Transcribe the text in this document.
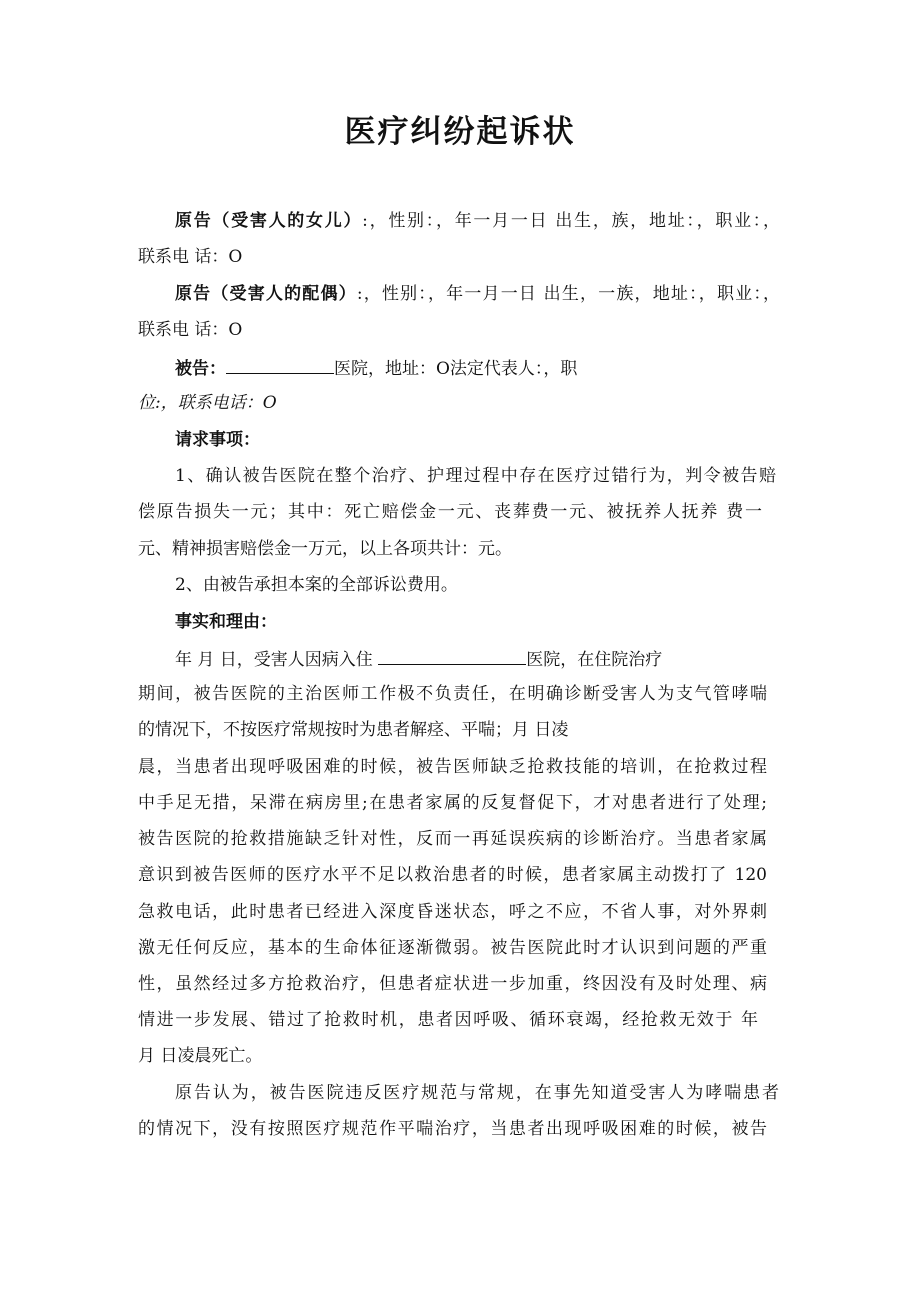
医疗纠纷起诉状

原告（受害人的女儿）:，性别：，年一月一日 出生，族，地址：，职业：，

联系电 话：O

原告（受害人的配偶）:，性别：，年一月一日 出生，一族，地址：，职业：，

联系电 话：O

被告：	医院，地址：O法定代表人：，职

位:，联系电话：O

请求事项：

1、确认被告医院在整个治疗、护理过程中存在医疗过错行为，判令被告赔

偿原告损失一元；其中：死亡赔偿金一元、丧葬费一元、被抚养人抚养 费一

元、精神损害赔偿金一万元，以上各项共计：元。

2、由被告承担本案的全部诉讼费用。

事实和理由：

年 月 日，受害人因病入住	医院，在住院治疗

期间，被告医院的主治医师工作极不负责任，在明确诊断受害人为支气管哮喘

的情况下，不按医疗常规按时为患者解痉、平喘；月 日凌

晨，当患者出现呼吸困难的时候，被告医师缺乏抢救技能的培训，在抢救过程

中手足无措，呆滞在病房里;在患者家属的反复督促下，才对患者进行了处理;

被告医院的抢救措施缺乏针对性，反而一再延误疾病的诊断治疗。当患者家属

意识到被告医师的医疗水平不足以救治患者的时候，患者家属主动拨打了 120

急救电话，此时患者已经进入深度昏迷状态，呼之不应，不省人事，对外界刺

激无任何反应，基本的生命体征逐渐微弱。被告医院此时才认识到问题的严重

性，虽然经过多方抢救治疗，但患者症状进一步加重，终因没有及时处理、病

情进一步发展、错过了抢救时机，患者因呼吸、循环衰竭，经抢救无效于 年

月 日凌晨死亡。

原告认为，被告医院违反医疗规范与常规，在事先知道受害人为哮喘患者

的情况下，没有按照医疗规范作平喘治疗，当患者出现呼吸困难的时候，被告
